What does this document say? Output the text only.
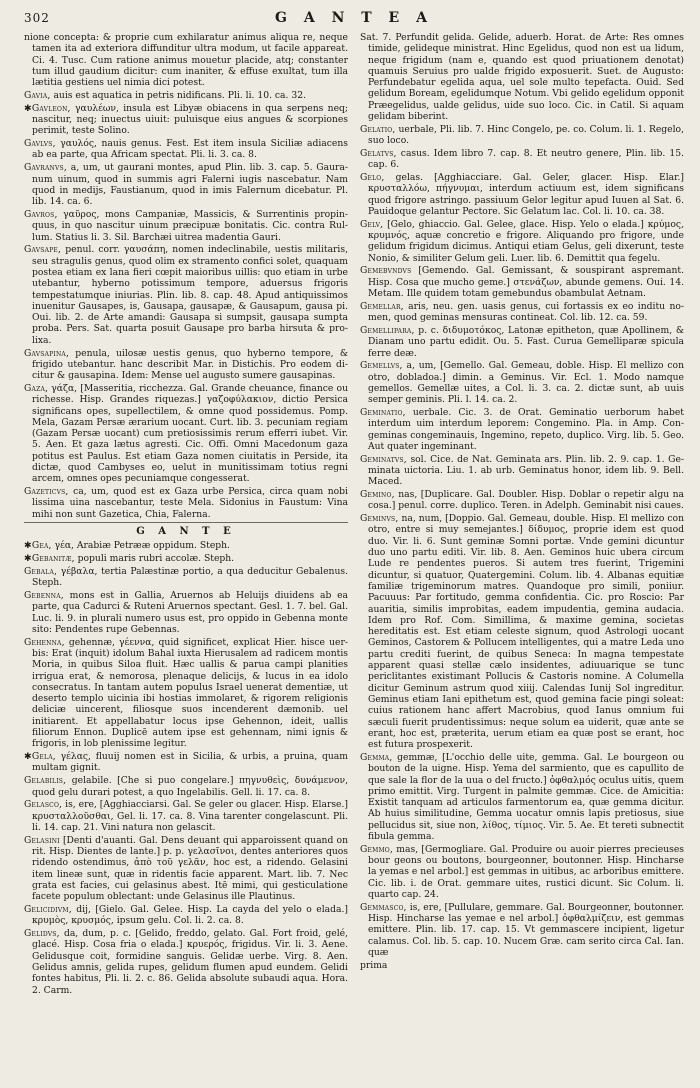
302	G A N T E A

nione concepta: & proprie cum exhilaratur animus aliqua re, neque tamen ita ad exteriora diffunditur ultra modum, ut facile appareat. Ci. 4. Tusc. Cum ratione animus mouetur placide, atq; constanter tum illud gaudium dicitur: cum inaniter, & effuse exultat, tum illa lætitia gestiens uel nimia dici potest.

Gavia, auis est aquatica in petris nidificans. Pli. li. 10. ca. 32.

✱Gavleon, γαυλέων, insula est Libyæ obiacens in qua serpens neq; nascitur, neq; inuectus uiuit: puluisque eius angues & scorpiones perimit, teste Solino.

Gavlvs, γαυλός, nauis genus. Fest. Est item insula Siciliæ adiacens ab ea parte, qua Africam spectat. Pli. li. 3. ca. 8.

Gavranvs, a, um, ut gaurani montes, apud Plin. lib. 3. cap. 5. Gauranum uinum, quod in summis agri Falerni iugis nascebatur. Nam quod in medijs, Faustianum, quod in imis Falernum dicebatur. Pl. lib. 14. ca. 6.

Gavros, γαῦρος, mons Campaniæ, Massicis, & Surrentinis propinquus, in quo nascitur uinum præcipuæ bonitatis. Cic. contra Rullum. Statius li. 3. Sil. Barchæi uitrea madentia Gauri.

Gavsape, penul. corr. γαυσάπη, nomen indeclinabile, uestis militaris, seu stragulis genus, quod olim ex stramento confici solet, quaquam postea etiam ex lana fieri cœpit maioribus uillis: quo etiam in urbe utebantur, hyberno potissimum tempore, aduersus frigoris tempestatumque iniurias. Plin. lib. 8. cap. 48. Apud antiquissimos inuenitur Gausapes, is, Gausapa, gausapæ, & Gausapum, gausa pi. Oui. lib. 2. de Arte amandi: Gausapa si sumpsit, gausapa sumpta proba. Pers. Sat. quarta posuit Gausape pro barba hirsuta & prolixa.

Gavsapina, penula, uilosæ uestis genus, quo hyberno tempore, & frigido utebantur. hanc describit Mar. in Distichis. Pro eodem dicitur & gausapina. Idem: Mense uel augusto sumere gausapinas.

Gaza, γάζα, [Masseritia, ricchezza. Gal. Grande cheuance, finance ou richesse. Hisp. Grandes riquezas.] γαζοφύλακιον, dictio Persica significans opes, supellectilem, & omne quod possidemus. Pomp. Mela, Gazam Persæ ærarium uocant. Curt. lib. 3. pecuniam regiam (Gazam Persæ uocant) cum pretiosissimis rerum efferri iubet. Vir. 5. Aen. Et gaza lætus agresti. Cic. Offi. Omni Macedonum gaza potitus est Paulus. Est etiam Gaza nomen ciuitatis in Perside, ita dictæ, quod Cambyses eo, uelut in munitissimam totius regni arcem, omnes opes pecuniamque congesserat.

Gazeticvs, ca, um, quod est ex Gaza urbe Persica, circa quam nobi lissima uina nascebantur, teste Mela. Sidonius in Faustum: Vina mihi non sunt Gazetica, Chia, Falerna.

G A N T E

✱Gea, γέα, Arabiæ Petrææ oppidum. Steph.

✱Gebanitæ, populi maris rubri accolæ. Steph.

Gebala, γέβαλα, tertia Palæstinæ portio, a qua deducitur Gebalenus. Steph.

Gebenna, mons est in Gallia, Aruernos ab Heluijs diuidens ab ea parte, qua Cadurci & Ruteni Aruernos spectant. Gesl. 1. 7. bel. Gal. Luc. li. 9. in plurali numero usus est, pro oppido in Gebenna monte sito: Pendentes rupe Gebennas.

Gehenna, gehennæ, γέεννα, quid significet, explicat Hier. hisce uerbis: Erat (inquit) idolum Bahal iuxta Hierusalem ad radicem montis Moria, in quibus Siloa fluit. Hæc uallis & parua campi planities irrigua erat, & nemorosa, plenaque delicijs, & lucus in ea idolo consecratus. In tantam autem populus Israel uenerat dementiæ, ut deserto templo uicinia ibi hostias immolaret, & rigorem religionis deliciæ uincerent, filiosque suos incenderent dæmonib. uel initiarent. Et appellabatur locus ipse Gehennon, ideit, uallis filiorum Ennon. Duplicē autem ipse est gehennam, nimi ignis & frigoris, in lob plenissime legitur.

✱Gela, γέλας, fluuij nomen est in Sicilia, & urbis, a pruina, quam multam gignit.

Gelabilis, gelabile. [Che si puo congelare.] πηγνυθεὶς, δυνάμενον, quod gelu durari potest, a quo Ingelabilis. Gell. li. 17. ca. 8.

Gelasco, is, ere, [Agghiacciarsi. Gal. Se geler ou glacer. Hisp. Elarse.] κρυσταλλοῦσθαι, Gel. li. 17. ca. 8. Vina tarenter congelascunt. Pli. li. 14. cap. 21. Vini natura non gelascit.

Gelasini [Denti d'auanti. Gal. Dens deuant qui apparoissent quand on rit. Hisp. Dientes de lante.] p. p. γελασῖνοι, dentes anteriores quos ridendo ostendimus, ἀπὸ τοῦ γελᾶν, hoc est, a ridendo. Gelasini item lineæ sunt, quæ in ridentis facie apparent. Mart. lib. 7. Nec grata est facies, cui gelasinus abest. Itē mimi, qui gesticulatione facete populum oblectant: unde Gelasinus ille Plautinus.

Gelicidivm, dij, [Gielo. Gal. Gelee. Hisp. La cayda del yelo o elada.] κρυμὸς, κρυσμός, ipsum gelu. Col. li. 2. ca. 8.

Gelidvs, da, dum, p. c. [Gelido, freddo, gelato. Gal. Fort froid, gelé, glacé. Hisp. Cosa fria o elada.] κρυερός, frigidus. Vir. li. 3. Aene. Gelidusque coit, formidine sanguis. Gelidæ uerbe. Virg. 8. Aen. Gelidus amnis, gelida rupes, gelidum flumen apud eundem. Gelidi fontes habitus, Pli. li. 2. c. 86. Gelida absolute subaudi aqua. Hora. 2. Carm.

Sat. 7. Perfundit gelida. Gelide, aduerb. Horat. de Arte: Res omnes timide, gelideque ministrat. Hinc Egelidus, quod non est ua lidum, neque frigidum (nam e, quando est quod priuationem denotat) quamuis Seruius pro ualde frigido exposuerit. Suet. de Augusto: Perfundebatur egelida aqua, uel sole multo tepefacta. Ouid. Sed gelidum Boream, egelidumque Notum. Vbi gelido egelidum opponit Præegelidus, ualde gelidus, uide suo loco. Cic. in Catil. Si aquam gelidam biberint.

Gelatio, uerbale, Pli. lib. 7. Hinc Congelo, pe. co. Colum. li. 1. Regelo, suo loco.

Gelatvs, casus. Idem libro 7. cap. 8. Et neutro genere, Plin. lib. 15. cap. 6.

Gelo, gelas. [Agghiacciare. Gal. Geler, glacer. Hisp. Elar.] κρυσταλλόω, πήγνυμαι, interdum actiuum est, idem significans quod frigore astringo. passiuum Gelor legitur apud Iuuen al Sat. 6. Pauidoque gelantur Pectore. Sic Gelatum lac. Col. li. 10. ca. 38.

Gelv, [Gelo, ghiaccio. Gal. Gelee, glace. Hisp. Yelo o elada.] κρύμος, κρυμνός, aquæ concretio e frigore. Aliquando pro frigore, unde gelidum frigidum dicimus. Antiqui etiam Gelus, geli dixerunt, teste Nonio, & similiter Gelum geli. Luer. lib. 6. Demittit qua fegelu.

Gemebvndvs [Gemendo. Gal. Gemissant, & souspirant aspremant. Hisp. Cosa que mucho geme.] στενάζων, abunde gemens. Oui. 14. Metam. Ille quidem totam gemebundus obambulat Aetnam.

Gemellar, aris, neu. gen. uasis genus, cui fortassis ex eo inditu nomen, quod geminas mensuras contineat. Col. lib. 12. ca. 59.

Gemellipara, p. c. διδυμοτόκος, Latonæ epitheton, quæ Apollinem, & Dianam uno partu edidit. Ou. 5. Fast. Curua Gemelliparæ spicula ferre deæ.

Gemellvs, a, um, [Gemello. Gal. Gemeau, doble. Hisp. El mellizo con otro, dobladoa.] dimin. a Geminus. Vir. Ecl. 1. Modo namque gemellos. Gemellæ uites, a Col. li. 3. ca. 2. dictæ sunt, ab uuis semper geminis. Pli. l. 14. ca. 2.

Geminatio, uerbale. Cic. 3. de Orat. Geminatio uerborum habet interdum uim interdum leporem: Congemino. Pla. in Amp. Congeminas congeminauis, Ingemino, repeto, duplico. Virg. lib. 5. Geo. Aut quater ingeminant.

Geminatvs, sol. Cice. de Nat. Geminata ars. Plin. lib. 2. 9. cap. 1. Geminata uictoria. Liu. 1. ab urb. Geminatus honor, idem lib. 9. Bell. Maced.

Gemino, nas, [Duplicare. Gal. Doubler. Hisp. Doblar o repetir algu na cosa.] penul. corre. duplico. Teren. in Adelph. Geminabit nisi caues.

Geminvs, na, num, [Doppio. Gal. Gemeau, double. Hisp. El mellizo con otro, entre si muy semejantes.] δίδυμος, proprie idem est quod duo. Vir. li. 6. Sunt geminæ Somni portæ. Vnde gemini dicuntur duo uno partu editi. Vir. lib. 8. Aen. Geminos huic ubera circum Lude re pendentes pueros. Si autem tres fuerint, Trigemini dicuntur, si quatuor, Quatergemini. Colum. lib. 4. Albanas equitiæ familiæ trigeminorum matres. Quandoque pro simili, poniiur. Pacuuus: Par fortitudo, gemma confidentia. Cic. pro Roscio: Par auaritia, similis improbitas, eadem impudentia, gemina audacia. Idem pro Rof. Com. Simillima, & maxime gemina, societas hereditatis est. Est etiam celeste signum, quod Astrologi uocant Geminos, Castorem & Pollucem intelligentes, qui a matre Leda uno partu crediti fuerint, de quibus Seneca: In magna tempestate apparent quasi stellæ cælo insidentes, adiuuarique se tunc periclitantes existimant Pollucis & Castoris nomine. A Columella dicitur Geminum astrum quod xiiij. Calendas Iunij Sol ingreditur. Geminus etiam Iani epithetum est, quod gemina facie pingi soleat: cuius rationem hanc affert Macrobius, quod Ianus omnium fui sæculi fuerit prudentissimus: neque solum ea uiderit, quæ ante se erant, hoc est, præterita, uerum etiam ea quæ post se erant, hoc est futura prospexerit.

Gemma, gemmæ, [L'occhio delle uite, gemma. Gal. Le bourgeon ou bouton de la uigne. Hisp. Yema del sarmiento, que es capullito de que sale la flor de la uua o del fructo.] ὀφθαλμός oculus uitis, quem primo emittit. Virg. Turgent in palmite gemmæ. Cice. de Amicitia: Existit tanquam ad articulos farmentorum ea, quæ gemma dicitur. Ab huius similitudine, Gemma uocatur omnis lapis pretiosus, siue pellucidus sit, siue non, λίθος, τίμιος. Vir. 5. Ae. Et tereti subnectit fibula gemma.

Gemmo, mas, [Germogliare. Gal. Produire ou auoir pierres precieuses bour geons ou boutons, bourgeonner, boutonner. Hisp. Hincharse la yemas e nel arbol.] est gemmas in uitibus, ac arboribus emittere. Cic. lib. i. de Orat. gemmare uites, rustici dicunt. Sic Colum. li. quarto cap. 24.

Gemmasco, is, ere, [Pullulare, gemmare. Gal. Bourgeonner, boutonner. Hisp. Hincharse las yemae e nel arbol.] ὀφθαλμίζειν, est gemmas emittere. Plin. lib. 17. cap. 15. Vt gemmascere incipient, ligetur calamus. Col. lib. 5. cap. 10. Nucem Græ. cam serito circa Cal. Ian. quæ

prima
